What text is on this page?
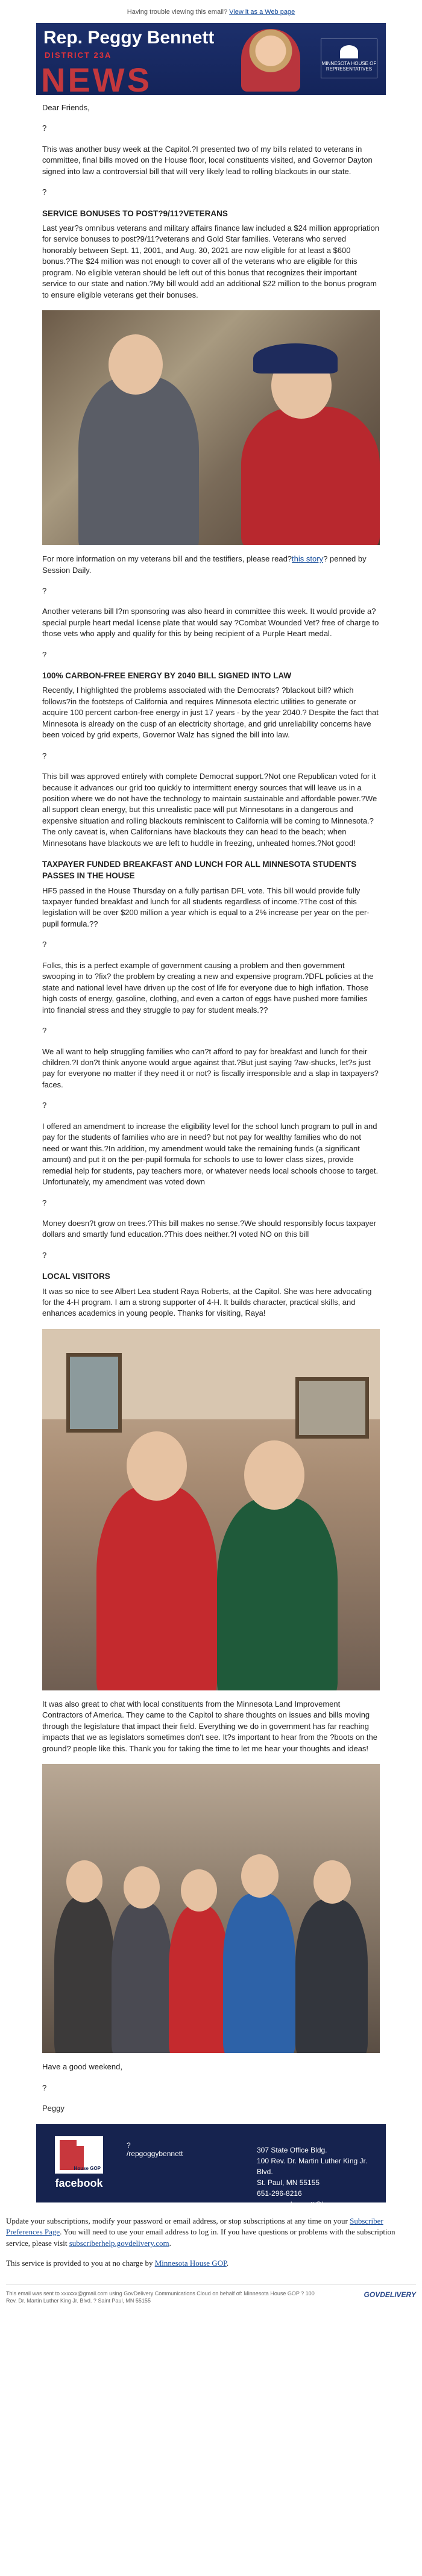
Having trouble viewing this email? View it as a Web page
Rep. Peggy Bennett
DISTRICT 23A
NEWS	MINNESOTA HOUSE OF REPRESENTATIVES

Dear Friends,

?

This was another busy week at the Capitol.?I presented two of my bills related to veterans in committee, final bills moved on the House floor, local constituents visited, and Governor Dayton signed into law a controversial bill that will very likely lead to rolling blackouts in our state.

?

SERVICE BONUSES TO POST?9/11?VETERANS

Last year?s omnibus veterans and military affairs finance law included a $24 million appropriation for service bonuses to post?9/11?veterans and Gold Star families. Veterans who served honorably between Sept. 11, 2001, and Aug. 30, 2021 are now eligible for at least a $600 bonus.?The $24 million was not enough to cover all of the veterans who are eligible for this program. No eligible veteran should be left out of this bonus that recognizes their important service to our state and nation.?My bill would add an additional $22 million to the bonus program to ensure eligible veterans get their bonuses.

For more information on my veterans bill and the testifiers, please read?this story? penned by Session Daily.

?

Another veterans bill I?m sponsoring was also heard in committee this week. It would provide a?special purple heart medal license plate that would say ?Combat Wounded Vet? free of charge to those vets who apply and qualify for this by being recipient of a Purple Heart medal.

?

100% CARBON-FREE ENERGY BY 2040 BILL SIGNED INTO LAW

Recently, I highlighted the problems associated with the Democrats? ?blackout bill? which follows?in the footsteps of California and requires Minnesota electric utilities to generate or acquire 100 percent carbon-free energy in just 17 years - by the year 2040.? Despite the fact that Minnesota is already on the cusp of an electricity shortage, and grid unreliability concerns have been voiced by grid experts, Governor Walz has signed the bill into law.

?

This bill was approved entirely with complete Democrat support.?Not one Republican voted for it because it advances our grid too quickly to intermittent energy sources that will leave us in a position where we do not have the technology to maintain sustainable and affordable power.?We all support clean energy, but this unrealistic pace will put Minnesotans in a dangerous and expensive situation and rolling blackouts reminiscent to California will be coming to Minnesota.?The only caveat is, when Californians have blackouts they can head to the beach; when Minnesotans have blackouts we are left to huddle in freezing, unheated homes.?Not good!

TAXPAYER FUNDED BREAKFAST AND LUNCH FOR ALL MINNESOTA STUDENTS PASSES IN THE HOUSE

HF5 passed in the House Thursday on a fully partisan DFL vote. This bill would provide fully taxpayer funded breakfast and lunch for all students regardless of income.?The cost of this legislation will be over $200 million a year which is equal to a 2% increase per year on the per-pupil formula.??

?

Folks, this is a perfect example of government causing a problem and then government swooping in to ?fix? the problem by creating a new and expensive program.?DFL policies at the state and national level have driven up the cost of life for everyone due to high inflation. Those high costs of energy, gasoline, clothing, and even a carton of eggs have pushed more families into financial stress and they struggle to pay for student meals.??

?

We all want to help struggling families who can?t afford to pay for breakfast and lunch for their children.?I don?t think anyone would argue against that.?But just saying ?aw-shucks, let?s just pay for everyone no matter if they need it or not? is fiscally irresponsible and a slap in taxpayers? faces.

?

I offered an amendment to increase the eligibility level for the school lunch program to pull in and pay for the students of families who are in need? but not pay for wealthy families who do not need or want this.?In addition, my amendment would take the remaining funds (a significant amount) and put it on the per-pupil formula for schools to use to lower class sizes, provide remedial help for students, pay teachers more, or whatever needs local schools choose to target. Unfortunately, my amendment was voted down

?

Money doesn?t grow on trees.?This bill makes no sense.?We should responsibly focus taxpayer dollars and smartly fund education.?This does neither.?I voted NO on this bill

?

LOCAL VISITORS

It was so nice to see Albert Lea student Raya Roberts, at the Capitol. She was here advocating for the 4-H program. I am a strong supporter of 4-H. It builds character, practical skills, and enhances academics in young people. Thanks for visiting, Raya!

It was also great to chat with local constituents from the Minnesota Land Improvement Contractors of America. They came to the Capitol to share thoughts on issues and bills moving through the legislature that impact their field. Everything we do in government has far reaching impacts that we as legislators sometimes don't see. It?s important to hear from the ?boots on the ground? people like this. Thank you for taking the time to let me hear your thoughts and ideas!

Have a good weekend,

?

Peggy

House GOP
facebook
?
/repgoggybennett	307 State Office Bldg.
100 Rev. Dr. Martin Luther King Jr. Blvd.
St. Paul, MN 55155
651-296-8216
rep.peggy.bennett@house.mn
Update your subscriptions, modify your password or email address, or stop subscriptions at any time on your Subscriber Preferences Page. You will need to use your email address to log in. If you have questions or problems with the subscription service, please visit subscriberhelp.govdelivery.com.
This service is provided to you at no charge by Minnesota House GOP.
This email was sent to xxxxxx@gmail.com using GovDelivery Communications Cloud on behalf of: Minnesota House GOP ? 100 Rev. Dr. Martin Luther King Jr. Blvd. ? Saint Paul, MN 55155
GOVDELIVERY
